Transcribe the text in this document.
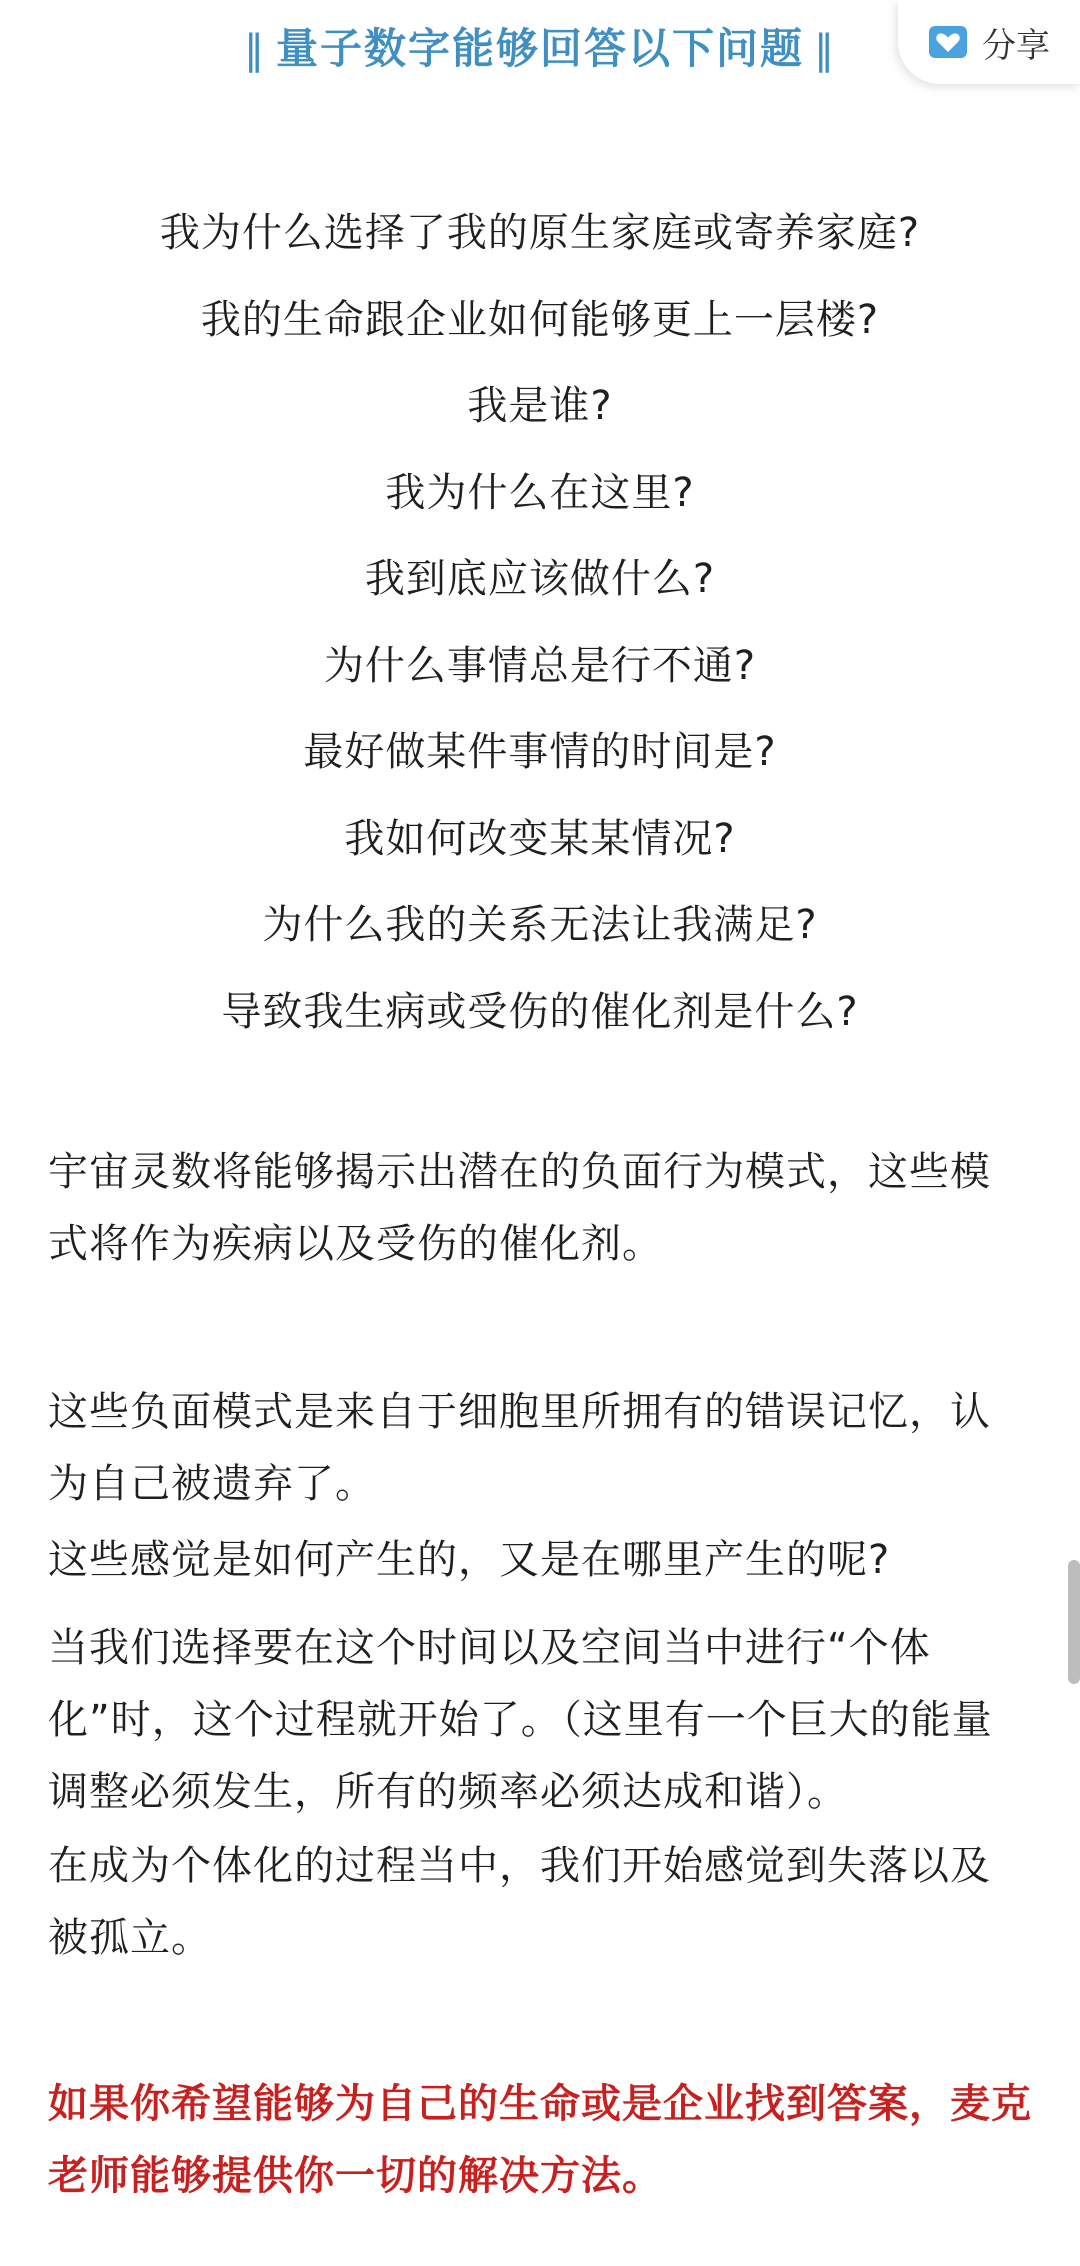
‖ 量子数字能够回答以下问题 ‖	分享
我为什么选择了我的原生家庭或寄养家庭?
我的生命跟企业如何能够更上一层楼?
我是谁?
我为什么在这里?
我到底应该做什么?
为什么事情总是行不通?
最好做某件事情的时间是?
我如何改变某某情况?
为什么我的关系无法让我满足?
导致我生病或受伤的催化剂是什么?

宇宙灵数将能够揭示出潜在的负面行为模式，这些模式将作为疾病以及受伤的催化剂。

这些负面模式是来自于细胞里所拥有的错误记忆，认为自己被遗弃了。

这些感觉是如何产生的，又是在哪里产生的呢?

当我们选择要在这个时间以及空间当中进行“个体化”时，这个过程就开始了。（这里有一个巨大的能量调整必须发生，所有的频率必须达成和谐）。

在成为个体化的过程当中，我们开始感觉到失落以及被孤立。

如果你希望能够为自己的生命或是企业找到答案，麦克老师能够提供你一切的解决方法。
